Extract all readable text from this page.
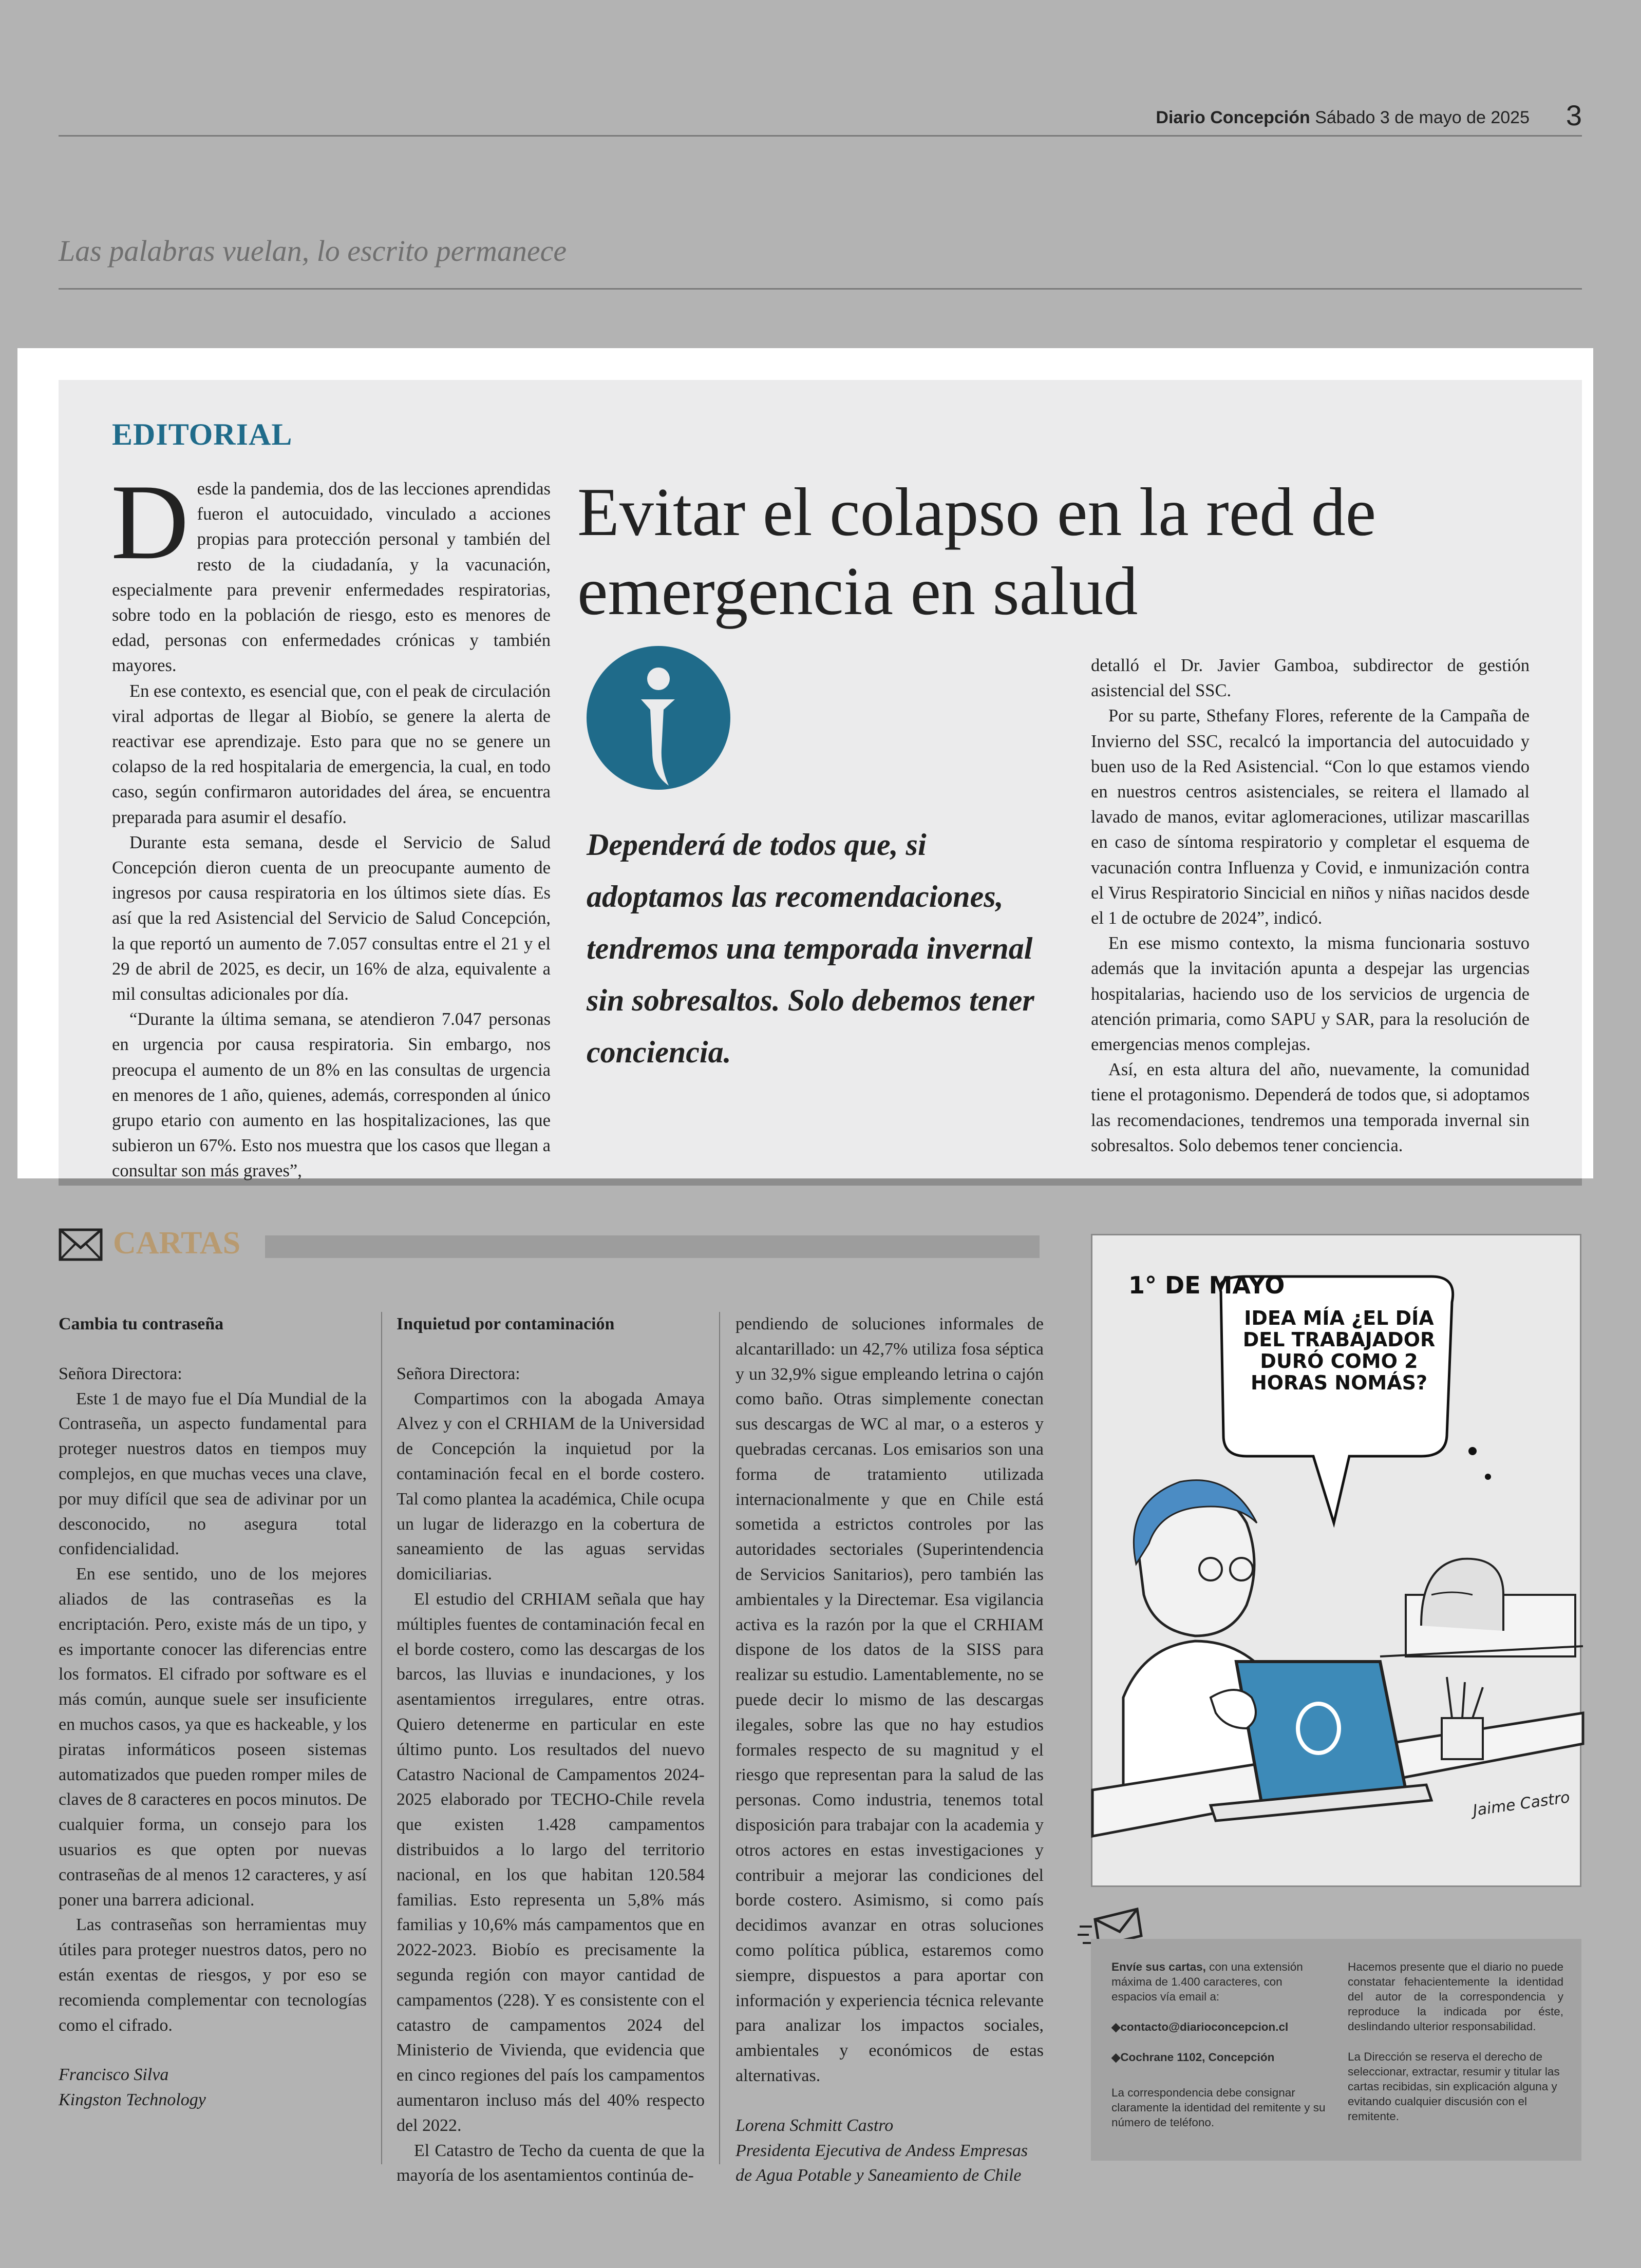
Diario Concepción Sábado 3 de mayo de 2025 3
Las palabras vuelan, lo escrito permanece
EDITORIAL

Desde la pandemia, dos de las lecciones aprendidas fueron el autocuidado, vinculado a acciones propias para protección personal y también del resto de la ciudadanía, y la vacunación, especialmente para prevenir enfermedades respiratorias, sobre todo en la población de riesgo, esto es menores de edad, personas con enfermedades crónicas y también mayores.

En ese contexto, es esencial que, con el peak de circulación viral adportas de llegar al Biobío, se genere la alerta de reactivar ese aprendizaje. Esto para que no se genere un colapso de la red hospitalaria de emergencia, la cual, en todo caso, según confirmaron autoridades del área, se encuentra preparada para asumir el desafío.

Durante esta semana, desde el Servicio de Salud Concepción dieron cuenta de un preocupante aumento de ingresos por causa respiratoria en los últimos siete días. Es así que la red Asistencial del Servicio de Salud Concepción, la que reportó un aumento de 7.057 consultas entre el 21 y el 29 de abril de 2025, es decir, un 16% de alza, equivalente a mil consultas adicionales por día.

“Durante la última semana, se atendieron 7.047 personas en urgencia por causa respiratoria. Sin embargo, nos preocupa el aumento de un 8% en las consultas de urgencia en menores de 1 año, quienes, además, corresponden al único grupo etario con aumento en las hospitalizaciones, las que subieron un 67%. Esto nos muestra que los casos que llegan a consultar son más graves”,

Evitar el colapso en la red de emergencia en salud
Dependerá de todos que, si adoptamos las recomendaciones, tendremos una temporada invernal sin sobresaltos. Solo debemos tener conciencia.

detalló el Dr. Javier Gamboa, subdirector de gestión asistencial del SSC.

Por su parte, Sthefany Flores, referente de la Campaña de Invierno del SSC, recalcó la importancia del autocuidado y buen uso de la Red Asistencial. “Con lo que estamos viendo en nuestros centros asistenciales, se reitera el llamado al lavado de manos, evitar aglomeraciones, utilizar mascarillas en caso de síntoma respiratorio y completar el esquema de vacunación contra Influenza y Covid, e inmunización contra el Virus Respiratorio Sincicial en niños y niñas nacidos desde el 1 de octubre de 2024”, indicó.

En ese mismo contexto, la misma funcionaria sostuvo además que la invitación apunta a despejar las urgencias hospitalarias, haciendo uso de los servicios de urgencia de atención primaria, como SAPU y SAR, para la resolución de emergencias menos complejas.

Así, en esta altura del año, nuevamente, la comunidad tiene el protagonismo. Dependerá de todos que, si adoptamos las recomendaciones, tendremos una temporada invernal sin sobresaltos. Solo debemos tener conciencia.

CARTAS
Cambia tu contraseña
Señora Directora:

Este 1 de mayo fue el Día Mundial de la Contraseña, un aspecto fundamental para proteger nuestros datos en tiempos muy complejos, en que muchas veces una clave, por muy difícil que sea de adivinar por un desconocido, no asegura total confidencialidad.

En ese sentido, uno de los mejores aliados de las contraseñas es la encriptación. Pero, existe más de un tipo, y es importante conocer las diferencias entre los formatos. El cifrado por software es el más común, aunque suele ser insuficiente en muchos casos, ya que es hackeable, y los piratas informáticos poseen sistemas automatizados que pueden romper miles de claves de 8 caracteres en pocos minutos. De cualquier forma, un consejo para los usuarios es que opten por nuevas contraseñas de al menos 12 caracteres, y así poner una barrera adicional.

Las contraseñas son herramientas muy útiles para proteger nuestros datos, pero no están exentas de riesgos, y por eso se recomienda complementar con tecnologías como el cifrado.

Francisco Silva
Kingston Technology
Inquietud por contaminación
Señora Directora:

Compartimos con la abogada Amaya Alvez y con el CRHIAM de la Universidad de Concepción la inquietud por la contaminación fecal en el borde costero. Tal como plantea la académica, Chile ocupa un lugar de liderazgo en la cobertura de saneamiento de las aguas servidas domiciliarias.

El estudio del CRHIAM señala que hay múltiples fuentes de contaminación fecal en el borde costero, como las descargas de los barcos, las lluvias e inundaciones, y los asentamientos irregulares, entre otras. Quiero detenerme en particular en este último punto. Los resultados del nuevo Catastro Nacional de Campamentos 2024-2025 elaborado por TECHO-Chile revela que existen 1.428 campamentos distribuidos a lo largo del territorio nacional, en los que habitan 120.584 familias. Esto representa un 5,8% más familias y 10,6% más campamentos que en 2022-2023. Biobío es precisamente la segunda región con mayor cantidad de campamentos (228). Y es consistente con el catastro de campamentos 2024 del Ministerio de Vivienda, que evidencia que en cinco regiones del país los campamentos aumentaron incluso más del 40% respecto del 2022.

El Catastro de Techo da cuenta de que la mayoría de los asentamientos continúa de-

pendiendo de soluciones informales de alcantarillado: un 42,7% utiliza fosa séptica y un 32,9% sigue empleando letrina o cajón como baño. Otras simplemente conectan sus descargas de WC al mar, o a esteros y quebradas cercanas. Los emisarios son una forma de tratamiento utilizada internacionalmente y que en Chile está sometida a estrictos controles por las autoridades sectoriales (Superintendencia de Servicios Sanitarios), pero también las ambientales y la Directemar. Esa vigilancia activa es la razón por la que el CRHIAM dispone de los datos de la SISS para realizar su estudio. Lamentablemente, no se puede decir lo mismo de las descargas ilegales, sobre las que no hay estudios formales respecto de su magnitud y el riesgo que representan para la salud de las personas. Como industria, tenemos total disposición para trabajar con la academia y otros actores en estas investigaciones y contribuir a mejorar las condiciones del borde costero. Asimismo, si como país decidimos avanzar en otras soluciones como política pública, estaremos como siempre, dispuestos a para aportar con información y experiencia técnica relevante para analizar los impactos sociales, ambientales y económicos de estas alternativas.

Lorena Schmitt Castro
Presidenta Ejecutiva de Andess Empresas de Agua Potable y Saneamiento de Chile
1° DE MAYO
IDEA MÍA ¿EL DÍA DEL TRABAJADOR DURÓ COMO 2 HORAS NOMÁS?
Jaime Castro
Envíe sus cartas, con una extensión máxima de 1.400 caracteres, con espacios vía email a:
◆ contacto@diarioconcepcion.cl
◆ Cochrane 1102, Concepción
La correspondencia debe consignar claramente la identidad del remitente y su número de teléfono.
Hacemos presente que el diario no puede constatar fehacientemente la identidad del autor de la correspondencia y reproduce la indicada por éste, deslindando ulterior responsabilidad.
La Dirección se reserva el derecho de seleccionar, extractar, resumir y titular las cartas recibidas, sin explicación alguna y evitando cualquier discusión con el remitente.
